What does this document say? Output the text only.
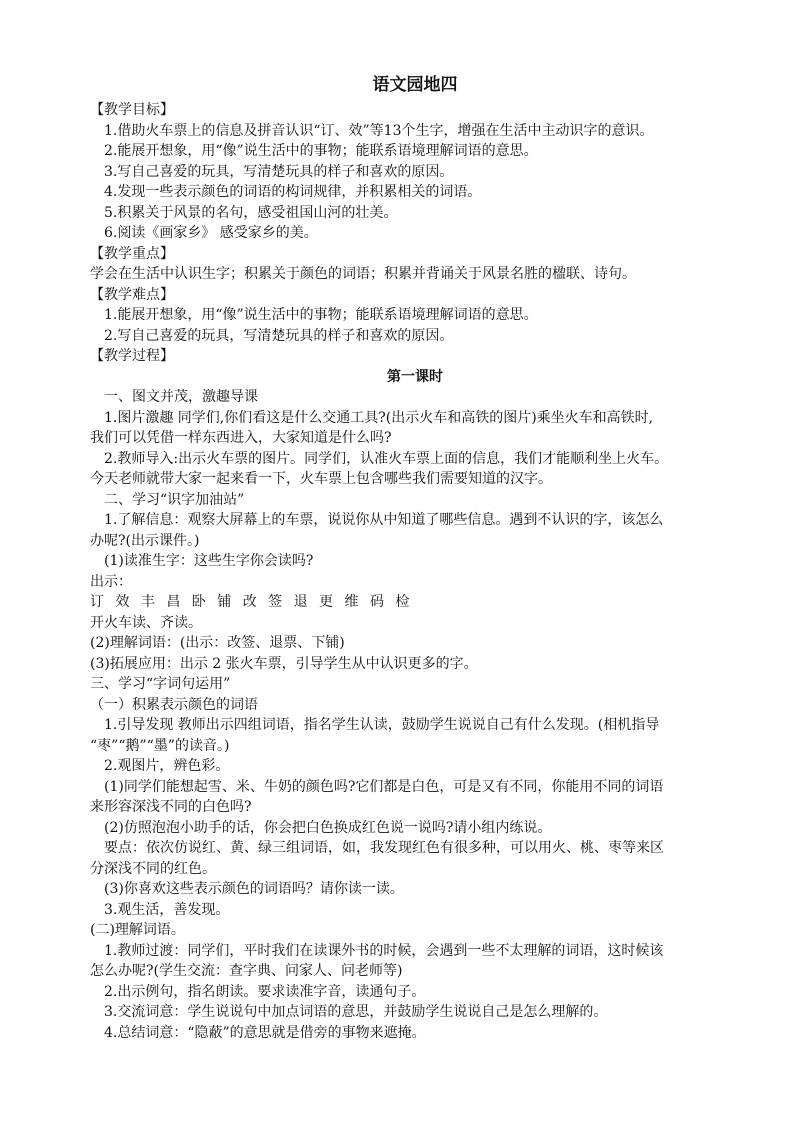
语文园地四
【教学目标】
1.借助火车票上的信息及拼音认识“订、效”等13个生字，增强在生活中主动识字的意识。
2.能展开想象，用“像”说生活中的事物；能联系语境理解词语的意思。
3.写自己喜爱的玩具，写清楚玩具的样子和喜欢的原因。
4.发现一些表示颜色的词语的构词规律，并积累相关的词语。
5.积累关于风景的名句，感受祖国山河的壮美。
6.阅读《画家乡》 感受家乡的美。
【教学重点】
学会在生活中认识生字；积累关于颜色的词语；积累并背诵关于风景名胜的楹联、诗句。
【教学难点】
1.能展开想象，用“像”说生活中的事物；能联系语境理解词语的意思。
2.写自己喜爱的玩具，写清楚玩具的样子和喜欢的原因。
【教学过程】
第一课时
一、图文并茂，激趣导课
1.图片激趣 同学们,你们看这是什么交通工具?(出示火车和高铁的图片)乘坐火车和高铁时,
我们可以凭借一样东西进入，大家知道是什么吗?
2.教师导入:出示火车票的图片。同学们，认准火车票上面的信息，我们才能顺利坐上火车。
今天老师就带大家一起来看一下，火车票上包含哪些我们需要知道的汉字。
二、学习“识字加油站”
1.了解信息：观察大屏幕上的车票，说说你从中知道了哪些信息。遇到不认识的字，该怎么
办呢?(出示课件。)
(1)读准生字：这些生字你会读吗?
出示：
订 效 丰 昌 卧 铺 改 签 退 更 维 码 检
开火车读、齐读。
(2)理解词语：(出示：改签、退票、下铺)
(3)拓展应用：出示 2 张火车票，引导学生从中认识更多的字。
三、学习“字词句运用”
（一）积累表示颜色的词语
1.引导发现 教师出示四组词语，指名学生认读，鼓励学生说说自己有什么发现。(相机指导
“枣”“鹅”“墨”的读音。)
2.观图片，辨色彩。
(1)同学们能想起雪、米、牛奶的颜色吗?它们都是白色，可是又有不同，你能用不同的词语
来形容深浅不同的白色吗?
(2)仿照泡泡小助手的话，你会把白色换成红色说一说吗?请小组内练说。
要点：依次仿说红、黄、绿三组词语，如，我发现红色有很多种，可以用火、桃、枣等来区
分深浅不同的红色。
(3)你喜欢这些表示颜色的词语吗？请你读一读。
3.观生活，善发现。
(二)理解词语。
1.教师过渡：同学们，平时我们在读课外书的时候，会遇到一些不太理解的词语，这时候该
怎么办呢?(学生交流：查字典、问家人、问老师等)
2.出示例句，指名朗读。要求读准字音，读通句子。
3.交流词意：学生说说句中加点词语的意思，并鼓励学生说说自己是怎么理解的。
4.总结词意：“隐蔽”的意思就是借旁的事物来遮掩。
